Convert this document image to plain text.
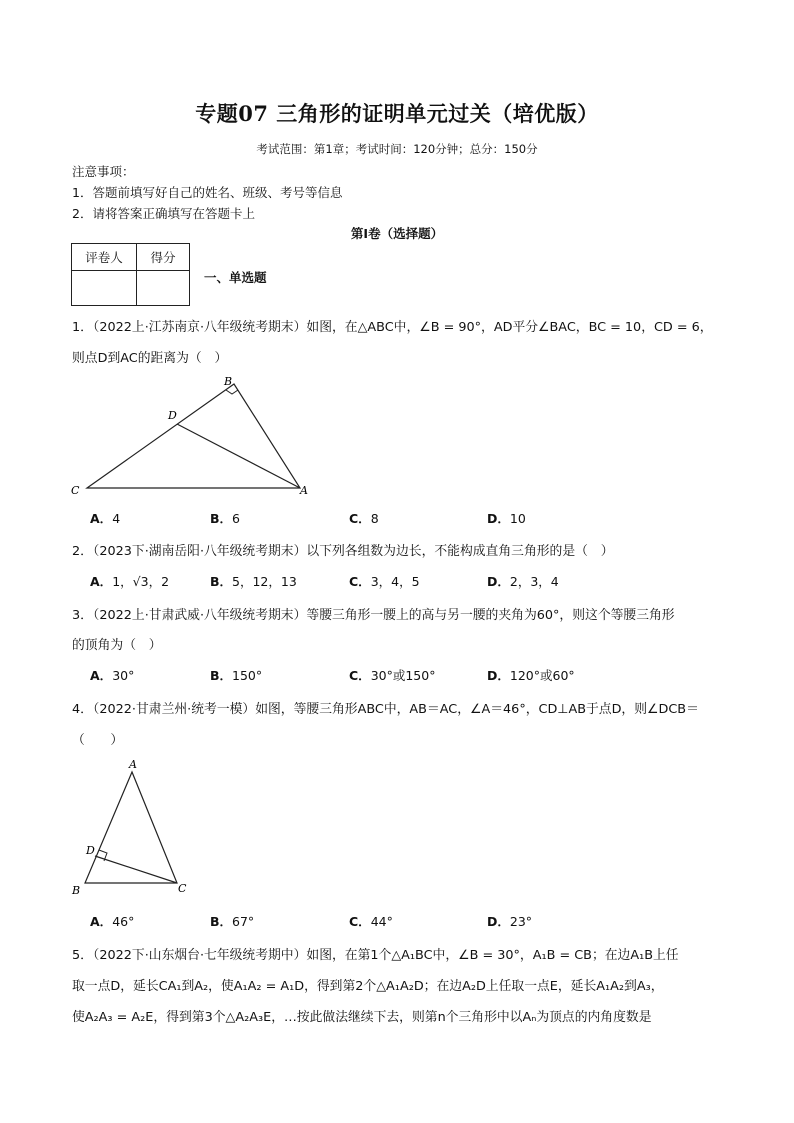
专题07 三角形的证明单元过关（培优版）
考试范围：第1章；考试时间：120分钟；总分：150分
注意事项：
1．答题前填写好自己的姓名、班级、考号等信息
2．请将答案正确填写在答题卡上
第I卷（选择题）
评卷人	得分

一、单选题
1．（2022上·江苏南京·八年级统考期末）如图，在△ABC中，∠B = 90°，AD平分∠BAC，BC = 10，CD = 6，
则点D到AC的距离为（　）
B
D
C	A
A．4	B．6	C．8	D．10
2．（2023下·湖南岳阳·八年级统考期末）以下列各组数为边长，不能构成直角三角形的是（　）
A．1，√3，2	B．5，12，13	C．3，4，5	D．2，3，4
3．（2022上·甘肃武威·八年级统考期末）等腰三角形一腰上的高与另一腰的夹角为60°，则这个等腰三角形
的顶角为（　）
A．30°	B．150°	C．30°或150°	D．120°或60°
4．（2022·甘肃兰州·统考一模）如图，等腰三角形ABC中，AB＝AC，∠A＝46°，CD⊥AB于点D，则∠DCB＝
（　　）
A
D
B	C
A．46°	B．67°	C．44°	D．23°
5．（2022下·山东烟台·七年级统考期中）如图，在第1个△A₁BC中，∠B = 30°，A₁B = CB；在边A₁B上任
取一点D，延长CA₁到A₂，使A₁A₂ = A₁D，得到第2个△A₁A₂D；在边A₂D上任取一点E，延长A₁A₂到A₃，
使A₂A₃ = A₂E，得到第3个△A₂A₃E，…按此做法继续下去，则第n个三角形中以Aₙ为顶点的内角度数是
